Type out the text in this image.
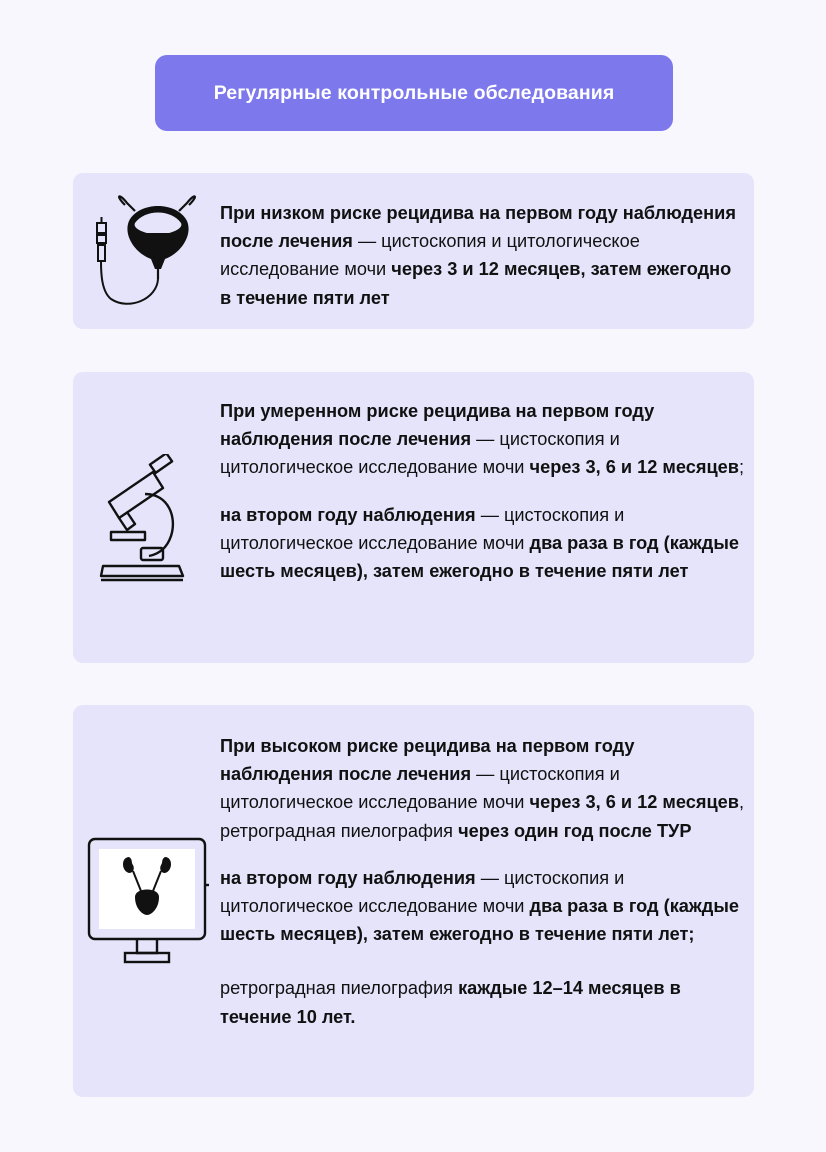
Регулярные контрольные обследования

При низком риске рецидива на первом году наблюдения после лечения — цистоскопия и цитологическое исследование мочи через 3 и 12 месяцев, затем ежегодно в течение пяти лет

При умеренном риске рецидива на первом году наблюдения после лечения — цистоскопия и цитологическое исследование мочи через 3, 6 и 12 месяцев;

на втором году наблюдения — цистоскопия и цитологическое исследование мочи два раза в год (каждые шесть месяцев), затем ежегодно в течение пяти лет

При высоком риске рецидива на первом году наблюдения после лечения — цистоскопия и цитологическое исследование мочи через 3, 6 и 12 месяцев, ретроградная пиелография через один год после ТУР

на втором году наблюдения — цистоскопия и цитологическое исследование мочи два раза в год (каждые шесть месяцев), затем ежегодно в течение пяти лет;

ретроградная пиелография каждые 12–14 месяцев в течение 10 лет.
